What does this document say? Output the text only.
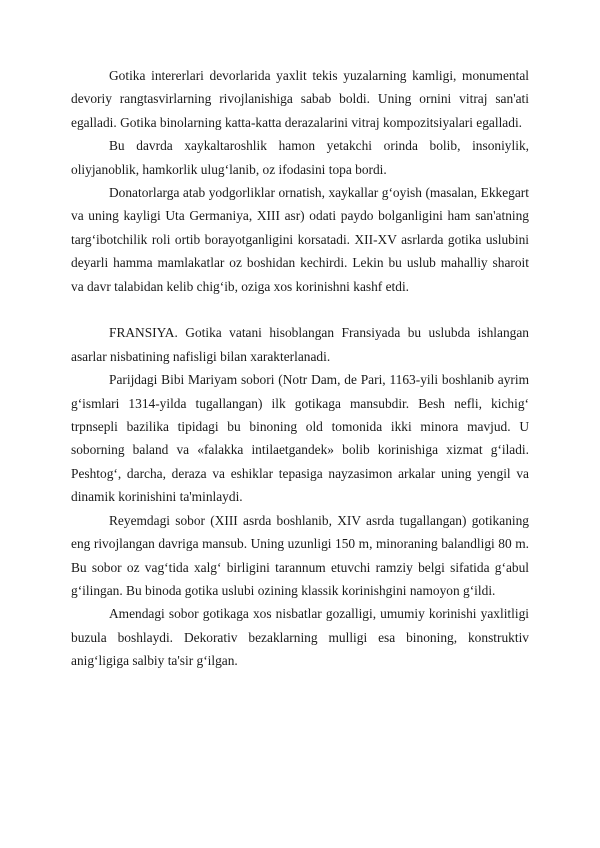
Gotika intererlari devorlarida yaxlit tekis yuzalarning kamligi, monumental devoriy rangtasvirlarning rivojlanishiga sabab boldi. Uning ornini vitraj san'ati egalladi. Gotika binolarning katta-katta derazalarini vitraj kompozitsiyalari egalladi.

Bu davrda xaykaltaroshlik hamon yetakchi orinda bolib, insoniylik, oliyjanoblik, hamkorlik ulug‘lanib, oz ifodasini topa bordi.

Donatorlarga atab yodgorliklar ornatish, xaykallar g‘oyish (masalan, Ekkegart va uning kayligi Uta Germaniya, XIII asr) odati paydo bolganligini ham san'atning targ‘ibotchilik roli ortib borayotganligini korsatadi. XII-XV asrlarda gotika uslubini deyarli hamma mamlakatlar oz boshidan kechirdi. Lekin bu uslub mahalliy sharoit va davr talabidan kelib chig‘ib, oziga xos korinishni kashf etdi.

FRANSIYA. Gotika vatani hisoblangan Fransiyada bu uslubda ishlangan asarlar nisbatining nafisligi bilan xarakterlanadi.

Parijdagi Bibi Mariyam sobori (Notr Dam, de Pari, 1163-yili boshlanib ayrim g‘ismlari 1314-yilda tugallangan) ilk gotikaga mansubdir. Besh nefli, kichig‘ trpnsepli bazilika tipidagi bu binoning old tomonida ikki minora mavjud. U soborning baland va «falakka intilaetgandek» bolib korinishiga xizmat g‘iladi. Peshtog‘, darcha, deraza va eshiklar tepasiga nayzasimon arkalar uning yengil va dinamik korinishini ta'minlaydi.

Reyemdagi sobor (XIII asrda boshlanib, XIV asrda tugallangan) gotikaning eng rivojlangan davriga mansub. Uning uzunligi 150 m, minoraning balandligi 80 m. Bu sobor oz vag‘tida xalg‘ birligini tarannum etuvchi ramziy belgi sifatida g‘abul g‘ilingan. Bu binoda gotika uslubi ozining klassik korinishgini namoyon g‘ildi.

Amendagi sobor gotikaga xos nisbatlar gozalligi, umumiy korinishi yaxlitligi buzula boshlaydi. Dekorativ bezaklarning mulligi esa binoning, konstruktiv anig‘ligiga salbiy ta'sir g‘ilgan.
